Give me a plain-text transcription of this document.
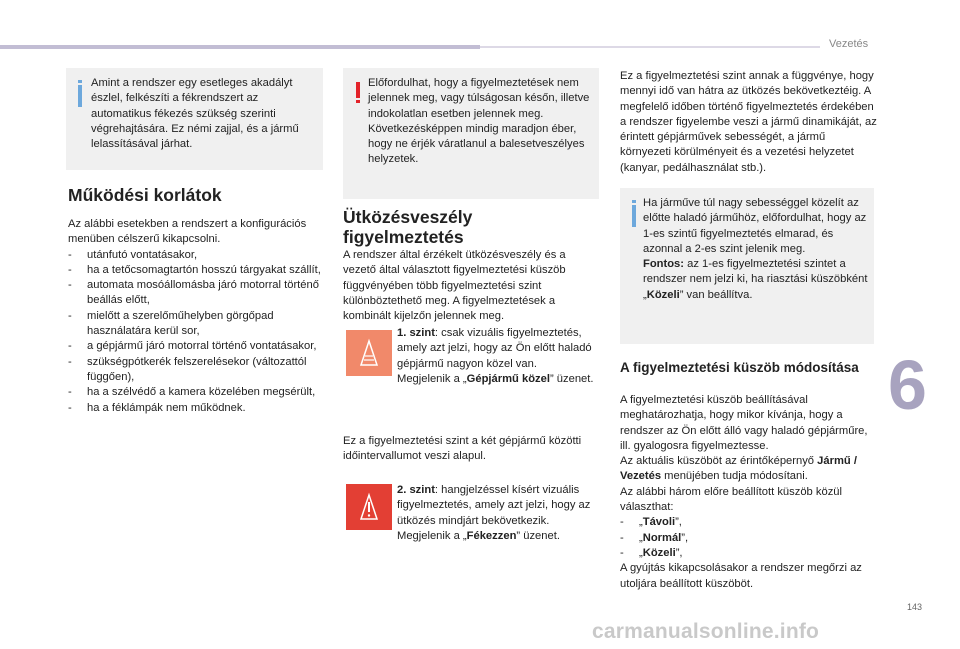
Vezetés
6
143
carmanualsonline.info
Amint a rendszer egy esetleges akadályt észlel, felkészíti a fékrendszert az automatikus fékezés szükség szerinti végrehajtására. Ez némi zajjal, és a jármű lelassításával járhat.
Működési korlátok

Az alábbi esetekben a rendszert a konfigurációs menüben célszerű kikapcsolni.

- utánfutó vontatásakor,
- ha a tetőcsomagtartón hosszú tárgyakat szállít,
- automata mosóállomásba járó motorral történő beállás előtt,
- mielőtt a szerelőműhelyben görgőpad használatára kerül sor,
- a gépjármű járó motorral történő vontatásakor,
- szükségpótkerék felszerelésekor (változattól függően),
- ha a szélvédő a kamera közelében megsérült,
- ha a féklámpák nem működnek.
Előfordulhat, hogy a figyelmeztetések nem jelennek meg, vagy túlságosan későn, illetve indokolatlan esetben jelennek meg. Következésképpen mindig maradjon éber, hogy ne érjék váratlanul a balesetveszélyes helyzetek.
Ütközésveszély figyelmeztetés
A rendszer által érzékelt ütközésveszély és a vezető által választott figyelmeztetési küszöb függvényében több figyelmeztetési szint különböztethető meg. A figyelmeztetések a kombinált kijelzőn jelennek meg.
1. szint: csak vizuális figyelmeztetés, amely azt jelzi, hogy az Ön előtt haladó gépjármű nagyon közel van.
Megjelenik a „Gépjármű közel” üzenet.
Ez a figyelmeztetési szint a két gépjármű közötti időintervallumot veszi alapul.
2. szint: hangjelzéssel kísért vizuális figyelmeztetés, amely azt jelzi, hogy az ütközés mindjárt bekövetkezik.
Megjelenik a „Fékezzen” üzenet.
Ez a figyelmeztetési szint annak a függvénye, hogy mennyi idő van hátra az ütközés bekövetkeztéig. A megfelelő időben történő figyelmeztetés érdekében a rendszer figyelembe veszi a jármű dinamikáját, az érintett gépjárművek sebességét, a jármű környezeti körülményeit és a vezetési helyzetet (kanyar, pedálhasználat stb.).

Ha járműve túl nagy sebességgel közelít az előtte haladó járműhöz, előfordulhat, hogy az 1-es szintű figyelmeztetés elmarad, és azonnal a 2-es szint jelenik meg.

Fontos: az 1-es figyelmeztetési szintet a rendszer nem jelzi ki, ha riasztási küszöbként „Közeli” van beállítva.

A figyelmeztetési küszöb módosítása

A figyelmeztetési küszöb beállításával meghatározhatja, hogy mikor kívánja, hogy a rendszer az Ön előtt álló vagy haladó gépjárműre, ill. gyalogosra figyelmeztesse.

Az aktuális küszöböt az érintőképernyő Jármű / Vezetés menüjében tudja módosítani.

Az alábbi három előre beállított küszöb közül választhat:

- „Távoli”,
- „Normál”,
- „Közeli”,

A gyújtás kikapcsolásakor a rendszer megőrzi az utoljára beállított küszöböt.
